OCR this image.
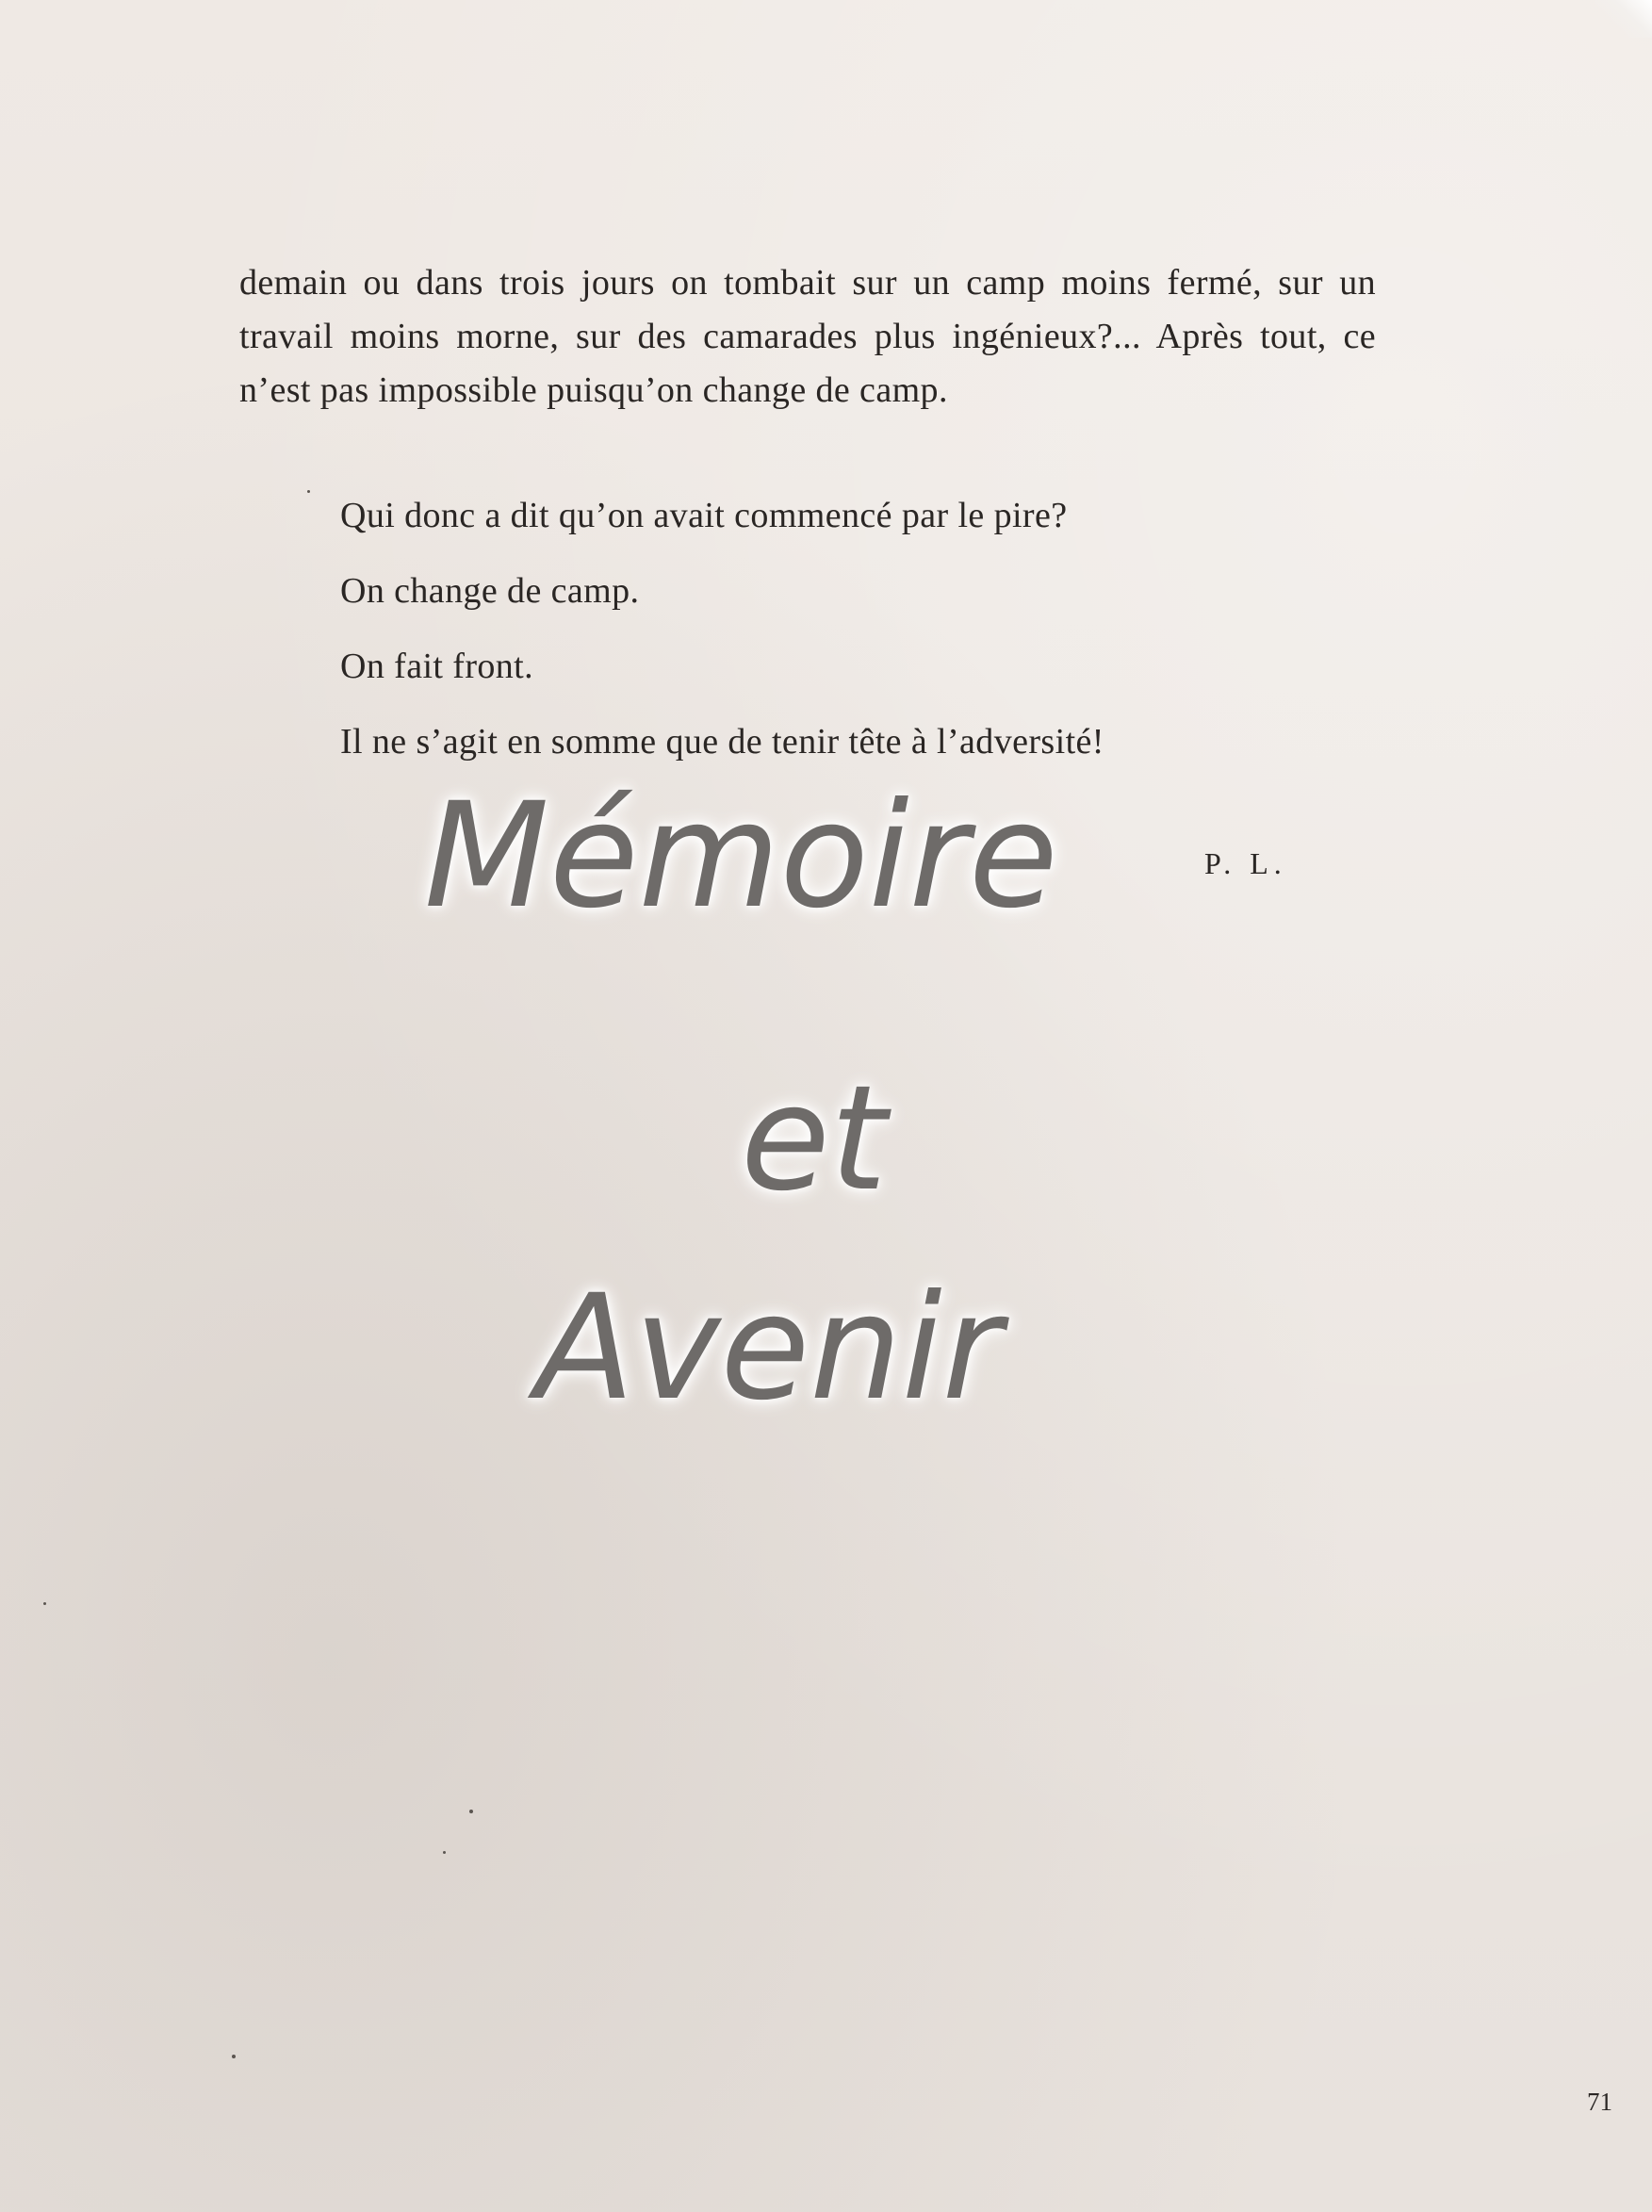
demain ou dans trois jours on tombait sur un camp moins fermé, sur un travail moins morne, sur des camarades plus ingénieux?... Après tout, ce n’est pas impossible puisqu’on change de camp.

Qui donc a dit qu’on avait commencé par le pire?
On change de camp.
On fait front.
Il ne s’agit en somme que de tenir tête à l’adversité!
P. L.
Mémoire
et
Avenir
71
